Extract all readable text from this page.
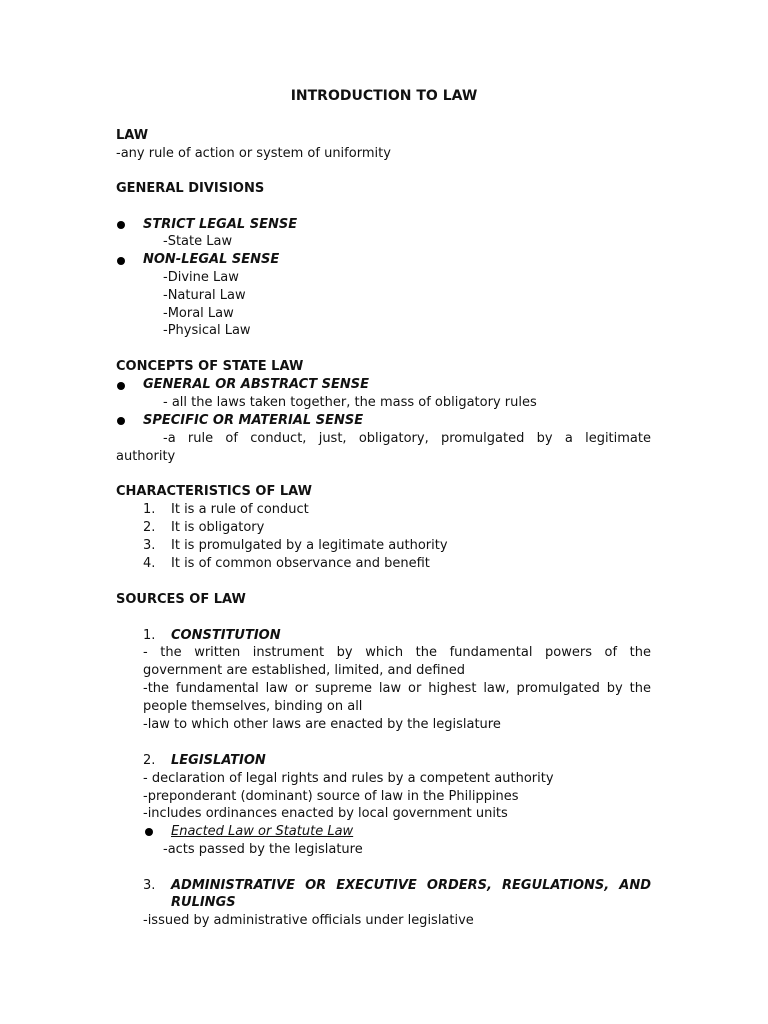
INTRODUCTION TO LAW
LAW
-any rule of action or system of uniformity
GENERAL DIVISIONS
STRICT LEGAL SENSE
-State Law
NON-LEGAL SENSE
-Divine Law
-Natural Law
-Moral Law
-Physical Law
CONCEPTS OF STATE LAW
GENERAL OR ABSTRACT SENSE
- all the laws taken together, the mass of obligatory rules
SPECIFIC OR MATERIAL SENSE
-a rule of conduct, just, obligatory, promulgated by a legitimate
authority
CHARACTERISTICS OF LAW
1. It is a rule of conduct
2. It is obligatory
3. It is promulgated by a legitimate authority
4. It is of common observance and benefit
SOURCES OF LAW
1. CONSTITUTION
- the written instrument by which the fundamental powers of the
government are established, limited, and defined
-the fundamental law or supreme law or highest law, promulgated by the
people themselves, binding on all
-law to which other laws are enacted by the legislature
2. LEGISLATION
- declaration of legal rights and rules by a competent authority
-preponderant (dominant) source of law in the Philippines
-includes ordinances enacted by local government units
Enacted Law or Statute Law
-acts passed by the legislature
3. ADMINISTRATIVE OR EXECUTIVE ORDERS, REGULATIONS, AND
RULINGS
-issued by administrative officials under legislative
